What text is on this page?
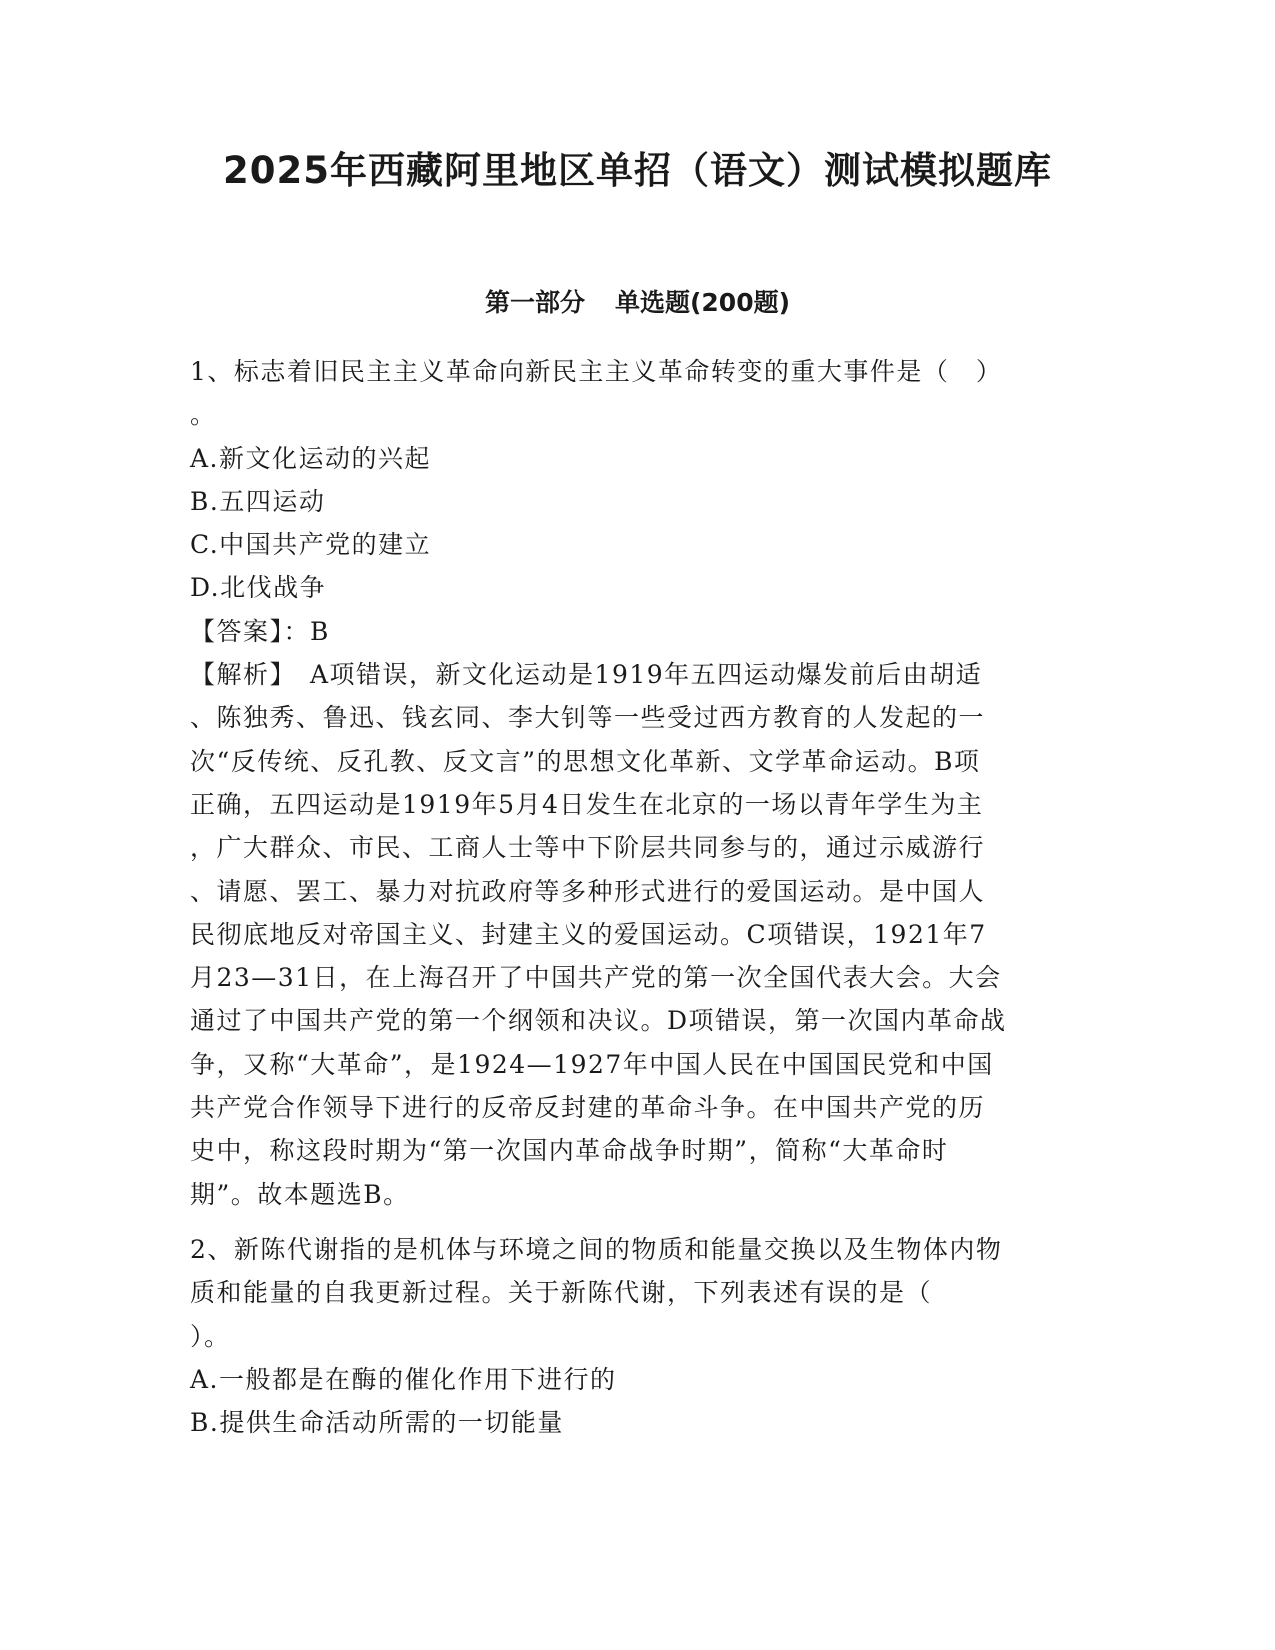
2025年西藏阿里地区单招（语文）测试模拟题库
第一部分 单选题(200题)
1、标志着旧民主主义革命向新民主主义革命转变的重大事件是（　）
。
A.新文化运动的兴起
B.五四运动
C.中国共产党的建立
D.北伐战争
【答案】：B
【解析】　A项错误，新文化运动是1919年五四运动爆发前后由胡适
、陈独秀、鲁迅、钱玄同、李大钊等一些受过西方教育的人发起的一
次“反传统、反孔教、反文言”的思想文化革新、文学革命运动。B项
正确，五四运动是1919年5月4日发生在北京的一场以青年学生为主
，广大群众、市民、工商人士等中下阶层共同参与的，通过示威游行
、请愿、罢工、暴力对抗政府等多种形式进行的爱国运动。是中国人
民彻底地反对帝国主义、封建主义的爱国运动。C项错误，1921年7
月23—31日，在上海召开了中国共产党的第一次全国代表大会。大会
通过了中国共产党的第一个纲领和决议。D项错误，第一次国内革命战
争，又称“大革命”，是1924—1927年中国人民在中国国民党和中国
共产党合作领导下进行的反帝反封建的革命斗争。在中国共产党的历
史中，称这段时期为“第一次国内革命战争时期”，简称“大革命时
期”。故本题选B。
2、新陈代谢指的是机体与环境之间的物质和能量交换以及生物体内物
质和能量的自我更新过程。关于新陈代谢，下列表述有误的是（
）。
A.一般都是在酶的催化作用下进行的
B.提供生命活动所需的一切能量
